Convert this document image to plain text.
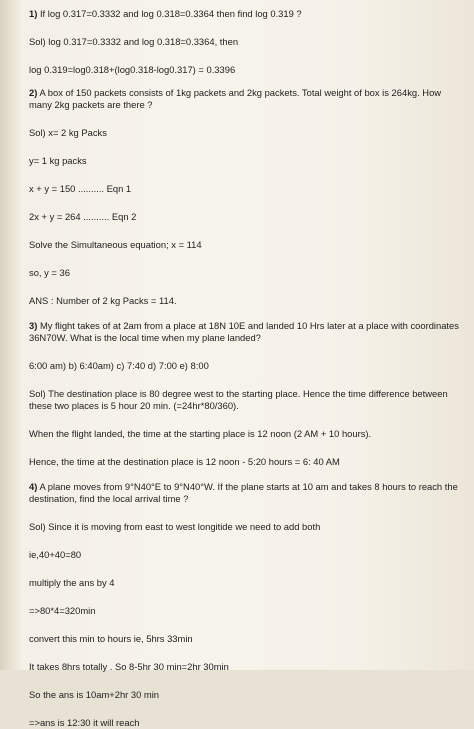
1) If log 0.317=0.3332 and log 0.318=0.3364 then find log 0.319 ?

Sol) log 0.317=0.3332 and log 0.318=0.3364, then

log 0.319=log0.318+(log0.318-log0.317) = 0.3396

2) A box of 150 packets consists of 1kg packets and 2kg packets. Total weight of box is 264kg. How many 2kg packets are there ?

Sol) x= 2 kg Packs

y= 1 kg packs

x + y = 150 .......... Eqn 1

2x + y = 264 .......... Eqn 2

Solve the Simultaneous equation; x = 114

so, y = 36

ANS : Number of 2 kg Packs = 114.

3) My flight takes of at 2am from a place at 18N 10E and landed 10 Hrs later at a place with coordinates 36N70W. What is the local time when my plane landed?

6:00 am) b) 6:40am) c) 7:40 d) 7:00 e) 8:00

Sol) The destination place is 80 degree west to the starting place. Hence the time difference between these two places is 5 hour 20 min. (=24hr*80/360).

When the flight landed, the time at the starting place is 12 noon (2 AM + 10 hours).

Hence, the time at the destination place is 12 noon - 5:20 hours = 6: 40 AM

4) A plane moves from 9°N40°E to 9°N40°W. If the plane starts at 10 am and takes 8 hours to reach the destination, find the local arrival time ?

Sol) Since it is moving from east to west longitide we need to add both

ie,40+40=80

multiply the ans by 4

=>80*4=320min

convert this min to hours ie, 5hrs 33min

It takes 8hrs totally . So 8-5hr 30 min=2hr 30min

So the ans is 10am+2hr 30 min

=>ans is 12:30 it will reach
